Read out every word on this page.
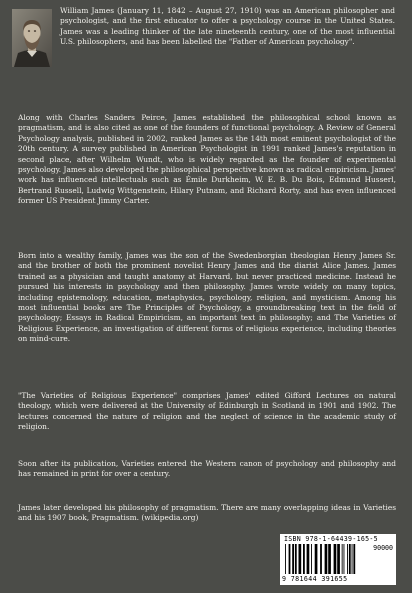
William James (January 11, 1842 – August 27, 1910) was an American philosopher and psychologist, and the first educator to offer a psychology course in the United States. James was a leading thinker of the late nineteenth century, one of the most influential U.S. philosophers, and has been labelled the "Father of American psychology".

Along with Charles Sanders Peirce, James established the philosophical school known as pragmatism, and is also cited as one of the founders of functional psychology. A Review of General Psychology analysis, published in 2002, ranked James as the 14th most eminent psychologist of the 20th century. A survey published in American Psychologist in 1991 ranked James's reputation in second place, after Wilhelm Wundt, who is widely regarded as the founder of experimental psychology. James also developed the philosophical perspective known as radical empiricism. James' work has influenced intellectuals such as Émile Durkheim, W. E. B. Du Bois, Edmund Husserl, Bertrand Russell, Ludwig Wittgenstein, Hilary Putnam, and Richard Rorty, and has even influenced former US President Jimmy Carter.

Born into a wealthy family, James was the son of the Swedenborgian theologian Henry James Sr. and the brother of both the prominent novelist Henry James and the diarist Alice James. James trained as a physician and taught anatomy at Harvard, but never practiced medicine. Instead he pursued his interests in psychology and then philosophy. James wrote widely on many topics, including epistemology, education, metaphysics, psychology, religion, and mysticism. Among his most influential books are The Principles of Psychology, a groundbreaking text in the field of psychology; Essays in Radical Empiricism, an important text in philosophy; and The Varieties of Religious Experience, an investigation of different forms of religious experience, including theories on mind-cure.

"The Varieties of Religious Experience" comprises James' edited Gifford Lectures on natural theology, which were delivered at the University of Edinburgh in Scotland in 1901 and 1902. The lectures concerned the nature of religion and the neglect of science in the academic study of religion.

Soon after its publication, Varieties entered the Western canon of psychology and philosophy and has remained in print for over a century.

James later developed his philosophy of pragmatism. There are many overlapping ideas in Varieties and his 1907 book, Pragmatism. (wikipedia.org)

ISBN 978-1-64439-165-5
90000
9 781644 391655
